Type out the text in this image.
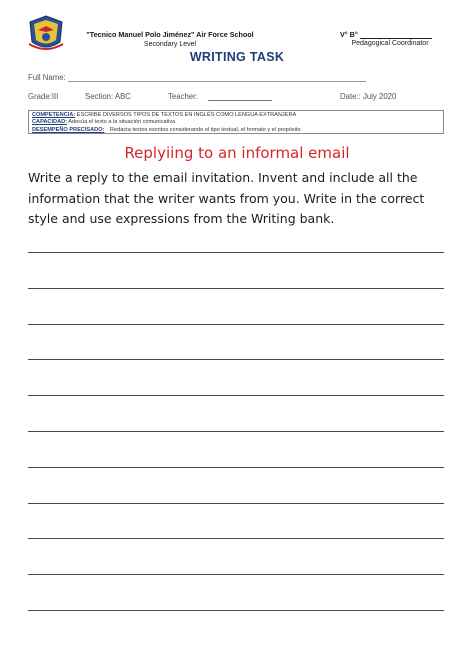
"Tecnico Manuel Polo Jiménez" Air Force School
Secondary Level
V° B°
Pedagogical Coordinator
WRITING TASK
Full Name:
Grade:III	Section: ABC	Teacher:	Date:: July 2020
COMPETENCIA: ESCRIBE DIVERSOS TIPOS DE TEXTOS EN INGLÉS COMO LENGUA EXTRANJERA
CAPACIDAD: Adecúa el texto a la situación comunicativa
DESEMPEÑO PRECISADO: Redacta textos escritos considerando el tipo textual, el formato y el propósito
Replyiing to an informal email
Write a reply to the email invitation. Invent and include all the information that the writer wants from you. Write in the correct style and use expressions from the Writing bank.
